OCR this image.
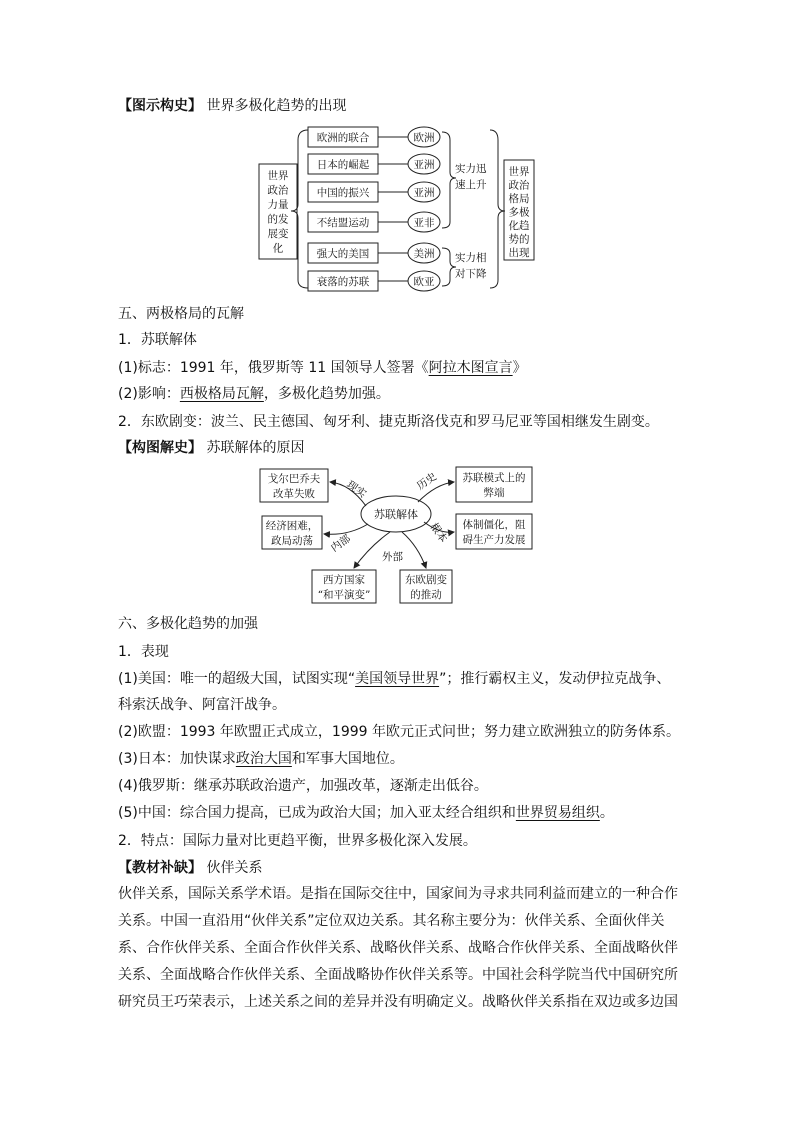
【图示构史】 世界多极化趋势的出现
世界
政治
力量
的发
展变
化
欧洲的联合	欧洲
日本的崛起	亚洲
中国的振兴	亚洲
不结盟运动	亚非
强大的美国	美洲
衰落的苏联	欧亚
实力迅
速上升
实力相
对下降
世界
政治
格局
多极
化趋
势的
出现
五、两极格局的瓦解
1．苏联解体
(1)标志：1991 年，俄罗斯等 11 国领导人签署《阿拉木图宣言》
(2)影响：西极格局瓦解，多极化趋势加强。
2．东欧剧变：波兰、民主德国、匈牙利、捷克斯洛伐克和罗马尼亚等国相继发生剧变。
【构图解史】 苏联解体的原因
苏联解体
戈尔巴乔夫
改革失败
经济困难，
政局动荡
西方国家
“和平演变”
东欧剧变
的推动
体制僵化，阻
碍生产力发展
苏联模式上的
弊端
现实	历史
内部
外部
根本
六、多极化趋势的加强
1．表现
(1)美国：唯一的超级大国，试图实现“美国领导世界”；推行霸权主义，发动伊拉克战争、
科索沃战争、阿富汗战争。
(2)欧盟：1993 年欧盟正式成立，1999 年欧元正式问世；努力建立欧洲独立的防务体系。
(3)日本：加快谋求政治大国和军事大国地位。
(4)俄罗斯：继承苏联政治遗产，加强改革，逐渐走出低谷。
(5)中国：综合国力提高，已成为政治大国；加入亚太经合组织和世界贸易组织。
2．特点：国际力量对比更趋平衡，世界多极化深入发展。
【教材补缺】 伙伴关系
伙伴关系，国际关系学术语。是指在国际交往中，国家间为寻求共同利益而建立的一种合作
关系。中国一直沿用“伙伴关系”定位双边关系。其名称主要分为：伙伴关系、全面伙伴关
系、合作伙伴关系、全面合作伙伴关系、战略伙伴关系、战略合作伙伴关系、全面战略伙伴
关系、全面战略合作伙伴关系、全面战略协作伙伴关系等。中国社会科学院当代中国研究所
研究员王巧荣表示，上述关系之间的差异并没有明确定义。战略伙伴关系指在双边或多边国
